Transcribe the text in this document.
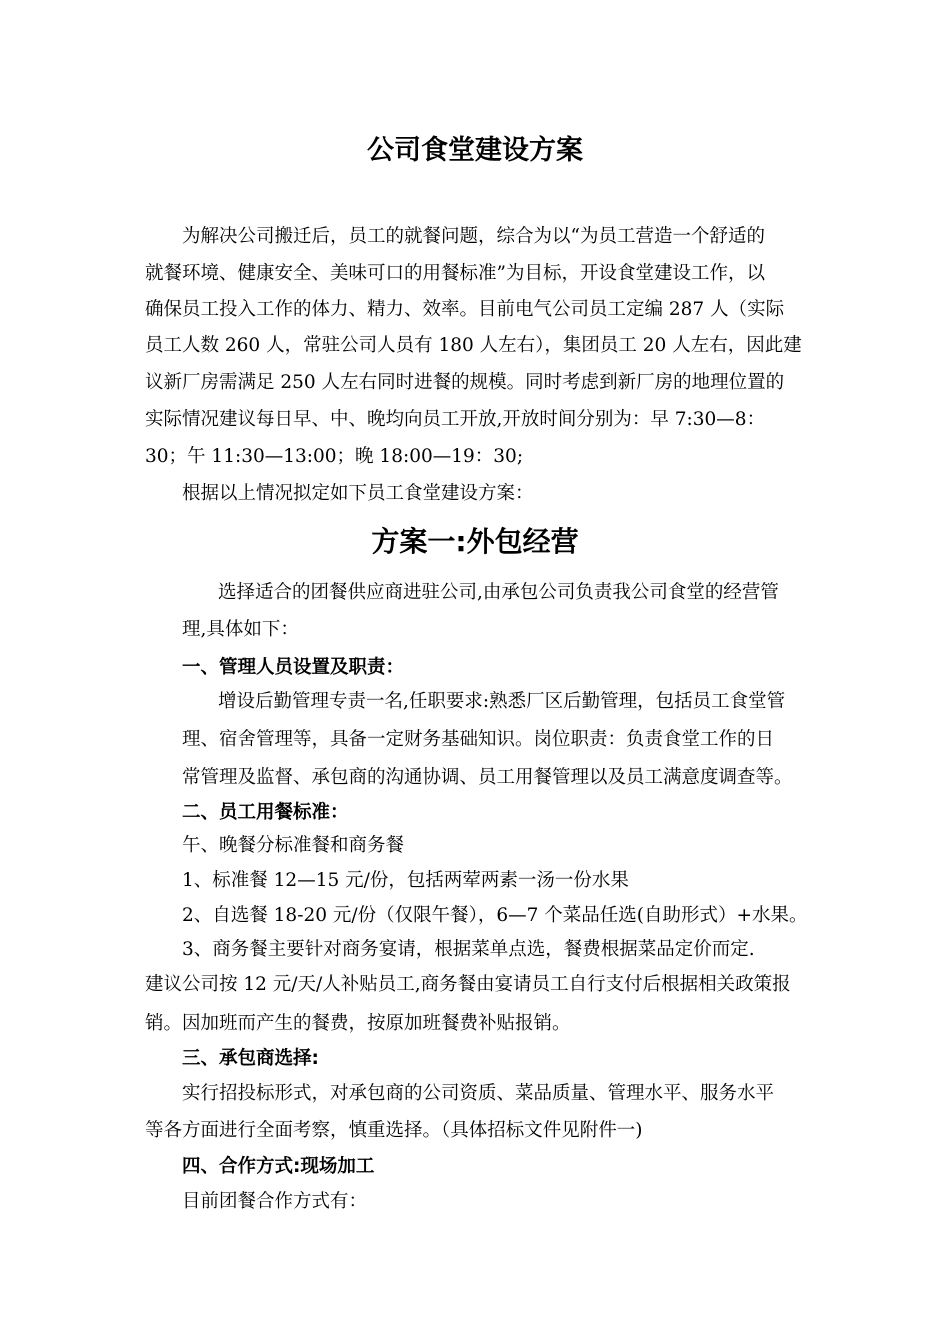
公司食堂建设方案
为解决公司搬迁后，员工的就餐问题，综合为以“为员工营造一个舒适的
就餐环境、健康安全、美味可口的用餐标准”为目标，开设食堂建设工作，以
确保员工投入工作的体力、精力、效率。目前电气公司员工定编 287 人（实际
员工人数 260 人，常驻公司人员有 180 人左右），集团员工 20 人左右，因此建
议新厂房需满足 250 人左右同时进餐的规模。同时考虑到新厂房的地理位置的
实际情况建议每日早、中、晚均向员工开放,开放时间分别为：早 7:30—8：
30；午 11:30—13:00；晚 18:00—19：30;
根据以上情况拟定如下员工食堂建设方案：
方案一:外包经营
选择适合的团餐供应商进驻公司,由承包公司负责我公司食堂的经营管
理,具体如下：
一、管理人员设置及职责：
增设后勤管理专责一名,任职要求:熟悉厂区后勤管理，包括员工食堂管
理、宿舍管理等，具备一定财务基础知识。岗位职责：负责食堂工作的日
常管理及监督、承包商的沟通协调、员工用餐管理以及员工满意度调查等。
二、员工用餐标准：
午、晚餐分标准餐和商务餐
1、标准餐 12—15 元/份，包括两荤两素一汤一份水果
2、自选餐 18-20 元/份（仅限午餐），6—7 个菜品任选(自助形式）+水果。
3、商务餐主要针对商务宴请，根据菜单点选，餐费根据菜品定价而定.
建议公司按 12 元/天/人补贴员工,商务餐由宴请员工自行支付后根据相关政策报
销。因加班而产生的餐费，按原加班餐费补贴报销。
三、承包商选择:
实行招投标形式，对承包商的公司资质、菜品质量、管理水平、服务水平
等各方面进行全面考察，慎重选择。（具体招标文件见附件一)
四、合作方式:现场加工
目前团餐合作方式有：
